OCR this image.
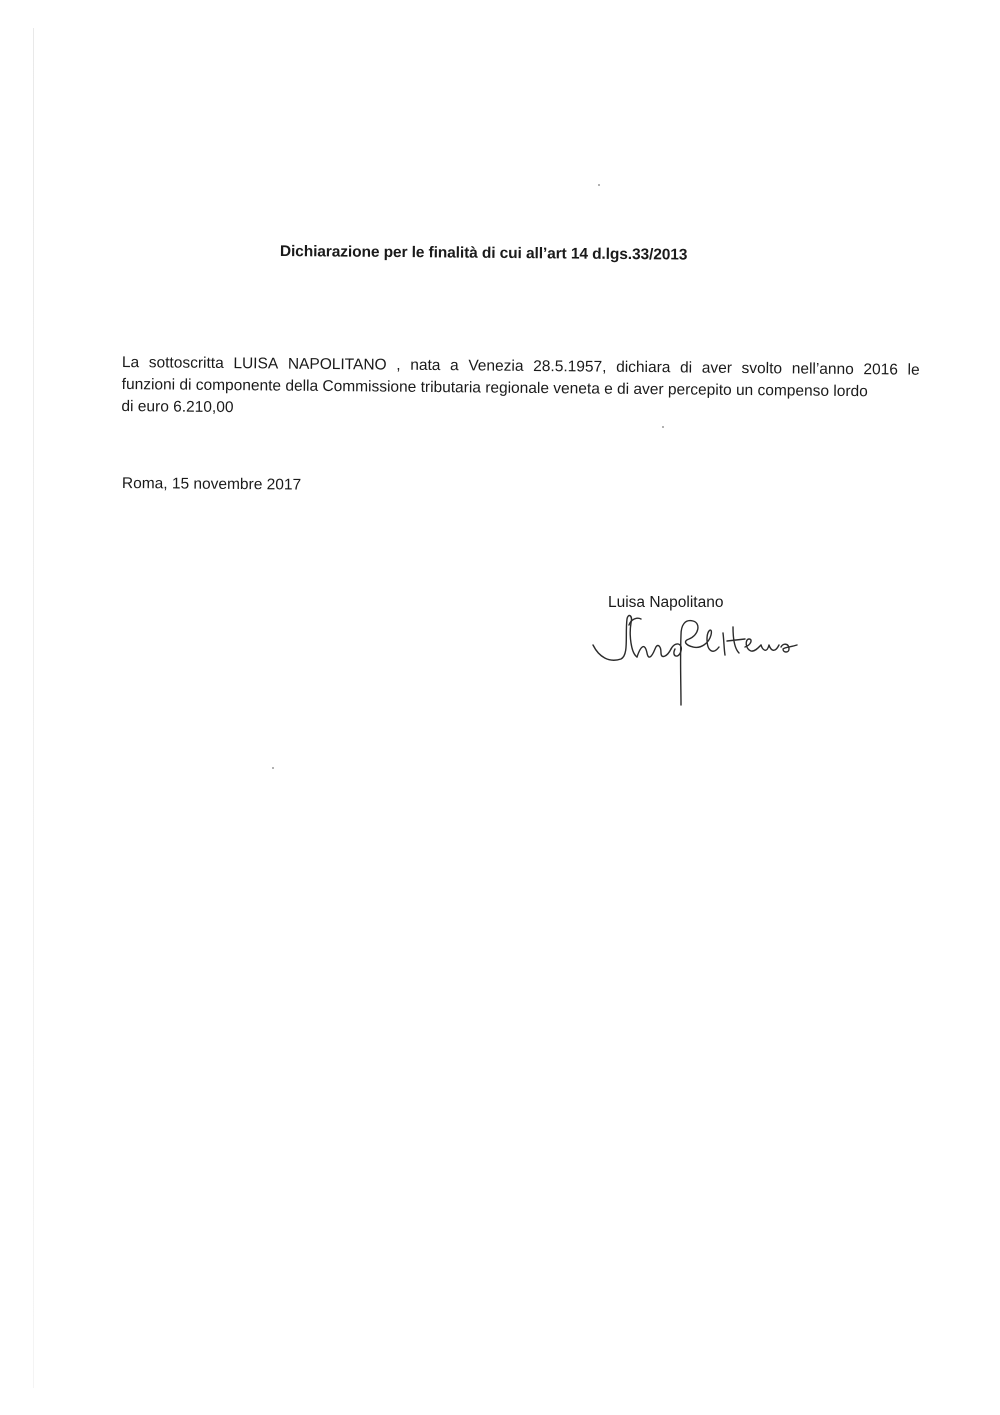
Dichiarazione per le finalità di cui all’art 14 d.lgs.33/2013
La sottoscritta LUISA NAPOLITANO , nata a Venezia 28.5.1957, dichiara di aver svolto nell’anno 2016 le
funzioni di componente della Commissione tributaria regionale veneta e di aver percepito un compenso lordo
di euro 6.210,00
Roma, 15 novembre 2017
Luisa Napolitano
